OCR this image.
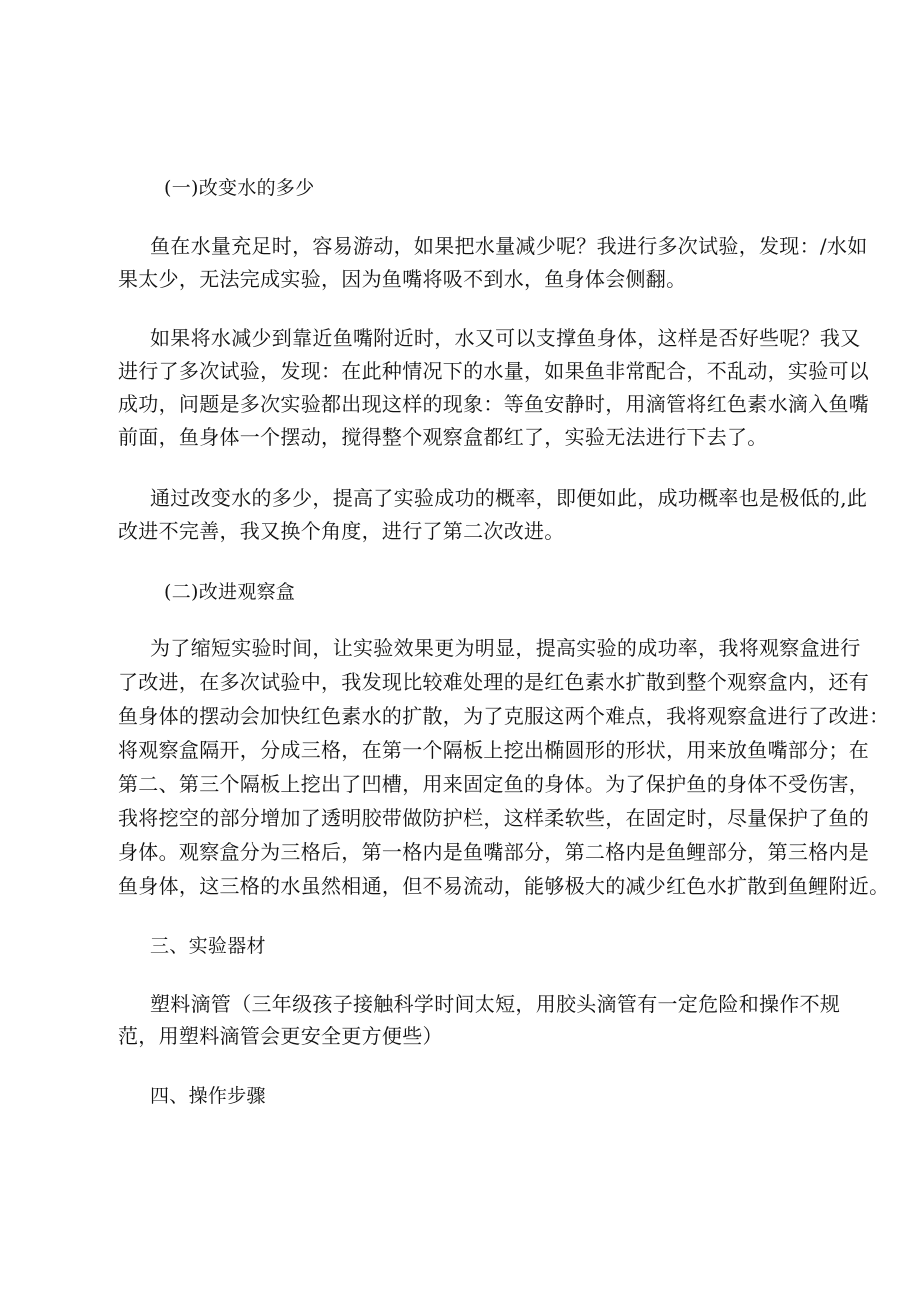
(一)改变水的多少
鱼在水量充足时，容易游动，如果把水量减少呢？我进行多次试验，发现：/水如
果太少，无法完成实验，因为鱼嘴将吸不到水，鱼身体会侧翻。
如果将水减少到靠近鱼嘴附近时，水又可以支撑鱼身体，这样是否好些呢？我又
进行了多次试验，发现：在此种情况下的水量，如果鱼非常配合，不乱动，实验可以
成功，问题是多次实验都出现这样的现象：等鱼安静时，用滴管将红色素水滴入鱼嘴
前面，鱼身体一个摆动，搅得整个观察盒都红了，实验无法进行下去了。
通过改变水的多少，提高了实验成功的概率，即便如此，成功概率也是极低的,此
改进不完善，我又换个角度，进行了第二次改进。
(二)改进观察盒
为了缩短实验时间，让实验效果更为明显，提高实验的成功率，我将观察盒进行
了改进，在多次试验中，我发现比较难处理的是红色素水扩散到整个观察盒内，还有
鱼身体的摆动会加快红色素水的扩散，为了克服这两个难点，我将观察盒进行了改进：
将观察盒隔开，分成三格，在第一个隔板上挖出椭圆形的形状，用来放鱼嘴部分；在
第二、第三个隔板上挖出了凹槽，用来固定鱼的身体。为了保护鱼的身体不受伤害，
我将挖空的部分增加了透明胶带做防护栏，这样柔软些，在固定时，尽量保护了鱼的
身体。观察盒分为三格后，第一格内是鱼嘴部分，第二格内是鱼鲤部分，第三格内是
鱼身体，这三格的水虽然相通，但不易流动，能够极大的减少红色水扩散到鱼鲤附近。
三、实验器材
塑料滴管（三年级孩子接触科学时间太短，用胶头滴管有一定危险和操作不规
范，用塑料滴管会更安全更方便些）
四、操作步骤
